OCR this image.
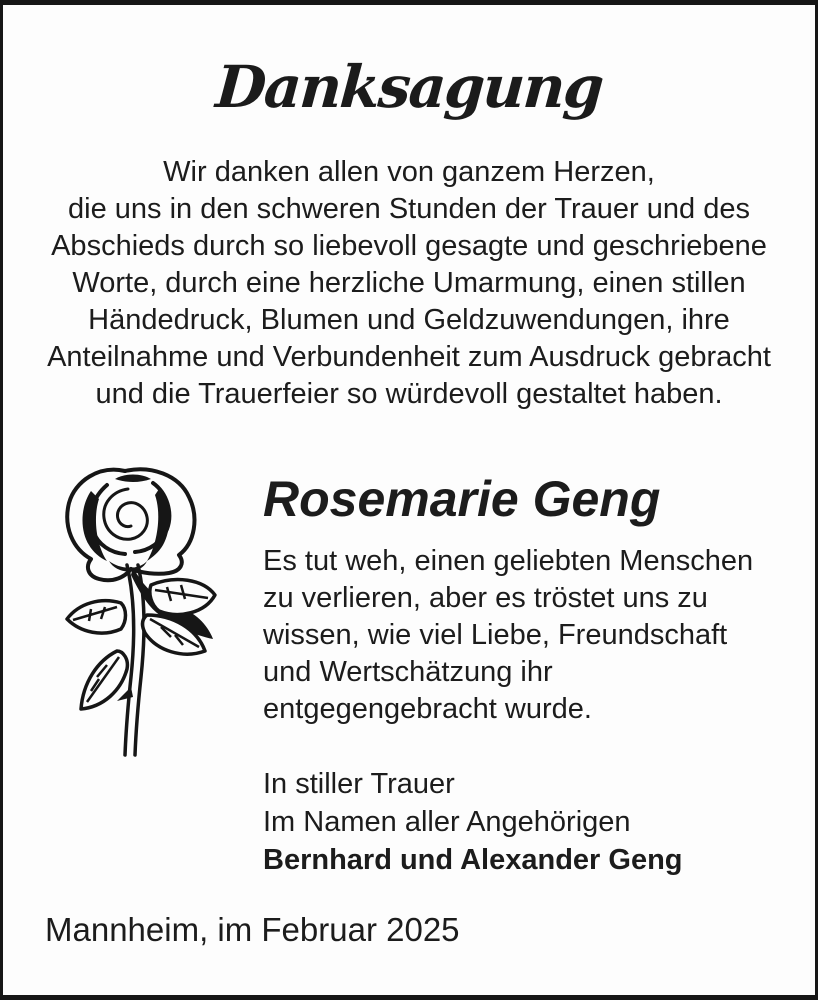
Danksagung
Wir danken allen von ganzem Herzen,
die uns in den schweren Stunden der Trauer und des
Abschieds durch so liebevoll gesagte und geschriebene
Worte, durch eine herzliche Umarmung, einen stillen
Händedruck, Blumen und Geldzuwendungen, ihre
Anteilnahme und Verbundenheit zum Ausdruck gebracht
und die Trauerfeier so würdevoll gestaltet haben.
Rosemarie Geng
Es tut weh, einen geliebten Menschen
zu verlieren, aber es tröstet uns zu
wissen, wie viel Liebe, Freundschaft
und Wertschätzung ihr
entgegengebracht wurde.
In stiller Trauer
Im Namen aller Angehörigen
Bernhard und Alexander Geng
Mannheim, im Februar 2025
